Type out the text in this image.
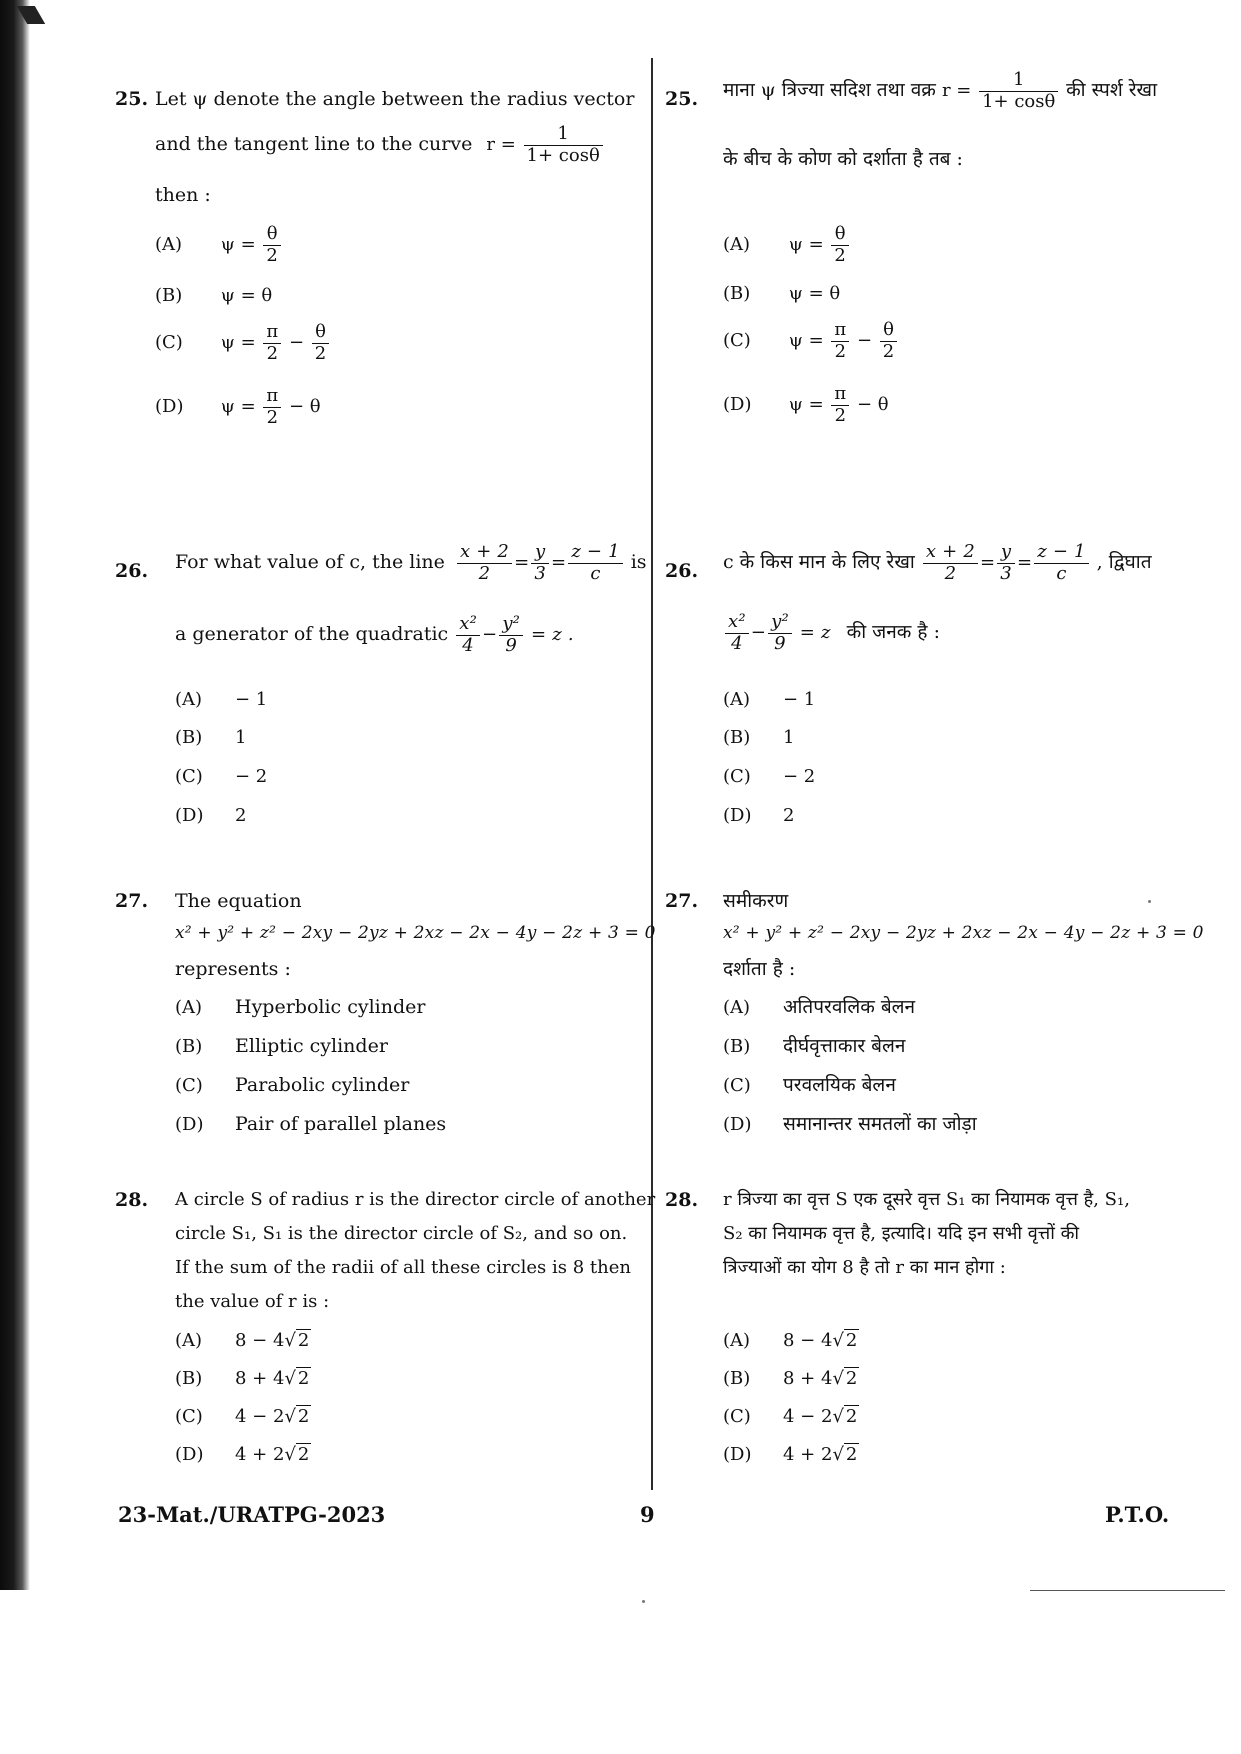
25. Let ψ denote the angle between the radius vector
and the tangent line to the curve $r = \frac{1}{1+ \cos\theta}$
then :
(A) $\psi = \frac{\theta}{2}$
(B) ψ = θ
(C) $\psi = \frac{\pi}{2} - \frac{\theta}{2}$
(D) $\psi = \frac{\pi}{2} - \theta$
26. For what value of c, the line $\frac{x + 2}{2} = \frac{y}{3} = \frac{z - 1}{c}$ is
a generator of the quadratic $\frac{\text{x²}}{4} - \frac{\text{y²}}{9} = z$ .
(A) − 1
(B) 1
(C) − 2
(D) 2
27. The equation
x² + y² + z² − 2xy − 2yz + 2xz − 2x − 4y − 2z + 3 = 0
represents :
(A) Hyperbolic cylinder
(B) Elliptic cylinder
(C) Parabolic cylinder
(D) Pair of parallel planes
28. A circle S of radius r is the director circle of another
circle S₁, S₁ is the director circle of S₂, and so on.
If the sum of the radii of all these circles is 8 then
the value of r is :
(A) 8 − 4√ 2
(B) 8 + 4√ 2
(C) 4 − 2√ 2
(D) 4 + 2√ 2
25. माना ψ त्रिज्या सदिश तथा वक्र $r = \frac{1}{1+ \cos\theta}$ की स्पर्श रेखा
के बीच के कोण को दर्शाता है तब :
(A) $\psi = \frac{\theta}{2}$
(B) ψ = θ
(C) $\psi = \frac{\pi}{2} - \frac{\theta}{2}$
(D) $\psi = \frac{\pi}{2} - \theta$
26. c के किस मान के लिए रेखा $\frac{x + 2}{2} = \frac{y}{3} = \frac{z - 1}{c}$ , द्विघात
$\frac{\text{x²}}{4} - \frac{\text{y²}}{9} = z$ की जनक है :
(A) − 1
(B) 1
(C) − 2
(D) 2
27. समीकरण
x² + y² + z² − 2xy − 2yz + 2xz − 2x − 4y − 2z + 3 = 0
दर्शाता है :
(A) अतिपरवलिक बेलन
(B) दीर्घवृत्ताकार बेलन
(C) परवलयिक बेलन
(D) समानान्तर समतलों का जोड़ा
28. r त्रिज्या का वृत्त S एक दूसरे वृत्त S₁ का नियामक वृत्त है, S₁,
S₂ का नियामक वृत्त है, इत्यादि। यदि इन सभी वृत्तों की
त्रिज्याओं का योग 8 है तो r का मान होगा :
(A) 8 − 4√ 2
(B) 8 + 4√ 2
(C) 4 − 2√ 2
(D) 4 + 2√ 2
23-Mat./URATPG-2023	9	P.T.O.
